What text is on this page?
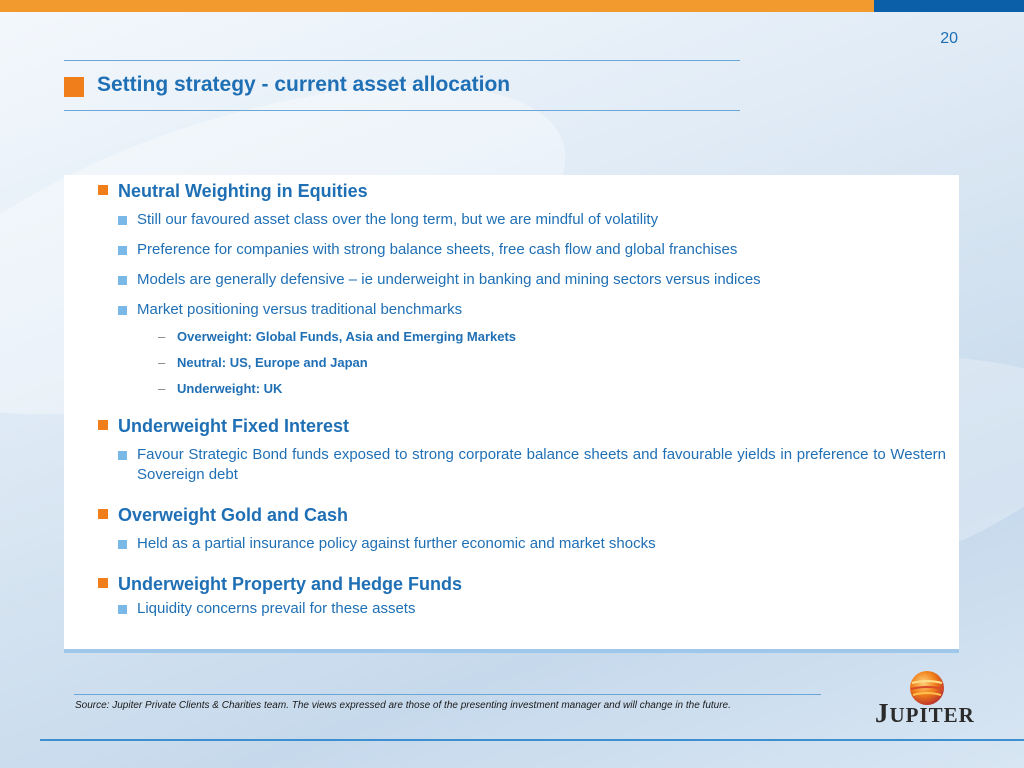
20
Setting strategy - current asset allocation

Neutral Weighting in Equities

Still our favoured asset class over the long term, but we are mindful of volatility
Preference for companies with strong balance sheets, free cash flow and global franchises
Models are generally defensive – ie underweight in banking and mining sectors versus indices
Market positioning versus traditional benchmarks
– Overweight: Global Funds, Asia and Emerging Markets
– Neutral: US, Europe and Japan
– Underweight: UK

Underweight Fixed Interest

Favour Strategic Bond funds exposed to strong corporate balance sheets and favourable yields in preference to Western Sovereign debt

Overweight Gold and Cash

Held as a partial insurance policy against further economic and market shocks

Underweight Property and Hedge Funds

Liquidity concerns prevail for these assets
Source: Jupiter Private Clients & Charities team. The views expressed are those of the presenting investment manager and will change in the future.	JUPITER
